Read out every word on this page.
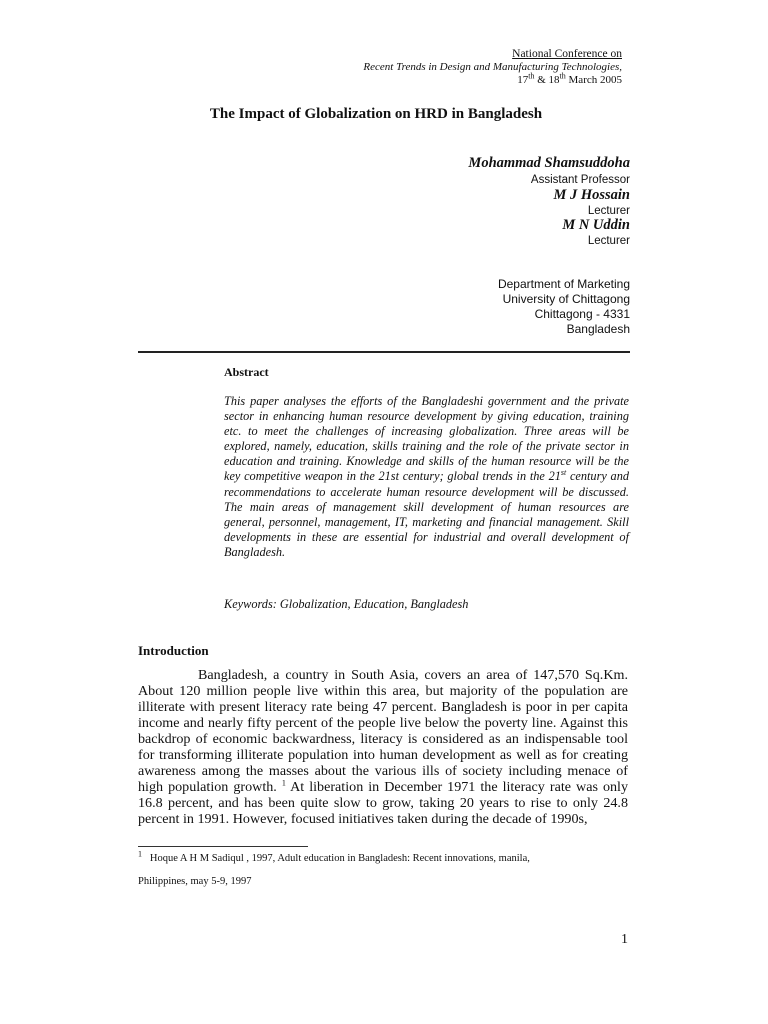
National Conference on
Recent Trends in Design and Manufacturing Technologies,
17th & 18th March 2005
The Impact of Globalization on HRD in Bangladesh
Mohammad Shamsuddoha
Assistant Professor
M J Hossain
Lecturer
M N Uddin
Lecturer
Department of Marketing
University of Chittagong
Chittagong - 4331
Bangladesh
Abstract
This paper analyses the efforts of the Bangladeshi government and the private sector in enhancing human resource development by giving education, training etc. to meet the challenges of increasing globalization. Three areas will be explored, namely, education, skills training and the role of the private sector in education and training. Knowledge and skills of the human resource will be the key competitive weapon in the 21st century; global trends in the 21st century and recommendations to accelerate human resource development will be discussed. The main areas of management skill development of human resources are general, personnel, management, IT, marketing and financial management. Skill developments in these are essential for industrial and overall development of Bangladesh.
Keywords: Globalization, Education, Bangladesh
Introduction

Bangladesh, a country in South Asia, covers an area of 147,570 Sq.Km. About 120 million people live within this area, but majority of the population are illiterate with present literacy rate being 47 percent. Bangladesh is poor in per capita income and nearly fifty percent of the people live below the poverty line. Against this backdrop of economic backwardness, literacy is considered as an indispensable tool for transforming illiterate population into human development as well as for creating awareness among the masses about the various ills of society including menace of high population growth. $^1$ At liberation in December 1971 the literacy rate was only 16.8 percent, and has been quite slow to grow, taking 20 years to rise to only 24.8 percent in 1991. However, focused initiatives taken during the decade of 1990s,

$^1$ Hoque A H M Sadiqul , 1997, Adult education in Bangladesh: Recent innovations, manila,
Philippines, may 5-9, 1997
1
